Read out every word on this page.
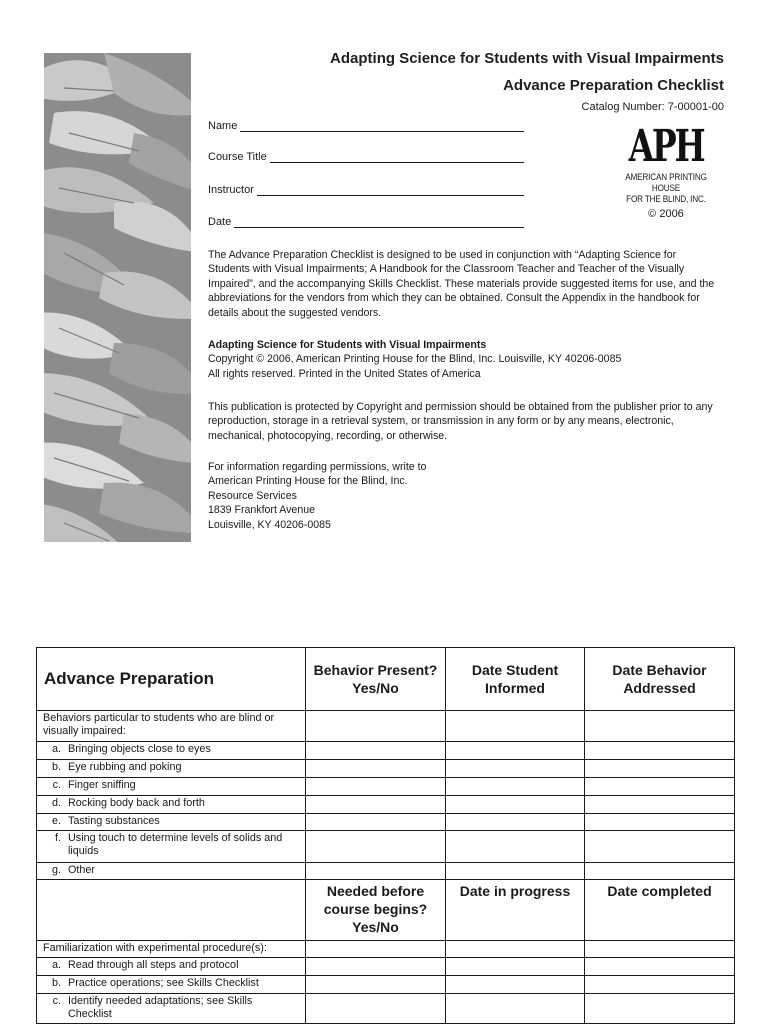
Adapting Science for Students with Visual Impairments
Advance Preparation Checklist
Catalog Number: 7-00001-00
Name
Course Title
Instructor
Date
APH
AMERICAN PRINTING HOUSE
FOR THE BLIND, INC.
© 2006
The Advance Preparation Checklist is designed to be used in conjunction with “Adapting Science for Students with Visual Impairments; A Handbook for the Classroom Teacher and Teacher of the Visually Impaired”, and the accompanying Skills Checklist. These materials provide suggested items for use, and the abbreviations for the vendors from which they can be obtained. Consult the Appendix in the handbook for details about the suggested vendors.
Adapting Science for Students with Visual Impairments
Copyright © 2006, American Printing House for the Blind, Inc. Louisville, KY 40206-0085
All rights reserved. Printed in the United States of America
This publication is protected by Copyright and permission should be obtained from the publisher prior to any reproduction, storage in a retrieval system, or transmission in any form or by any means, electronic, mechanical, photocopying, recording, or otherwise.
For information regarding permissions, write to
American Printing House for the Blind, Inc.
Resource Services
1839 Frankfort Avenue
Louisville, KY 40206-0085
Advance Preparation	Behavior Present? Yes/No	Date Student Informed	Date Behavior Addressed
Behaviors particular to students who are blind or visually impaired:			
a. Bringing objects close to eyes			
b. Eye rubbing and poking			
c. Finger sniffing			
d. Rocking body back and forth			
e. Tasting substances			
f. Using touch to determine levels of solids and liquids			
g. Other			
	Needed before course begins? Yes/No	Date in progress	Date completed
Familiarization with experimental procedure(s):			
a. Read through all steps and protocol			
b. Practice operations; see Skills Checklist			
c. Identify needed adaptations; see Skills Checklist			
